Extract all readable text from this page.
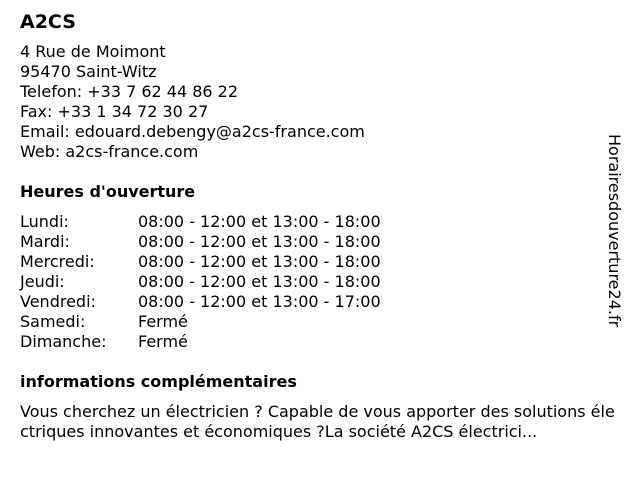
A2CS
4 Rue de Moimont
95470 Saint-Witz
Telefon: +33 7 62 44 86 22
Fax: +33 1 34 72 30 27
Email: edouard.debengy@a2cs-france.com
Web: a2cs-france.com
Heures d'ouverture
Lundi:	08:00 - 12:00 et 13:00 - 18:00
Mardi:	08:00 - 12:00 et 13:00 - 18:00
Mercredi:	08:00 - 12:00 et 13:00 - 18:00
Jeudi:	08:00 - 12:00 et 13:00 - 18:00
Vendredi:	08:00 - 12:00 et 13:00 - 17:00
Samedi:	Fermé
Dimanche:	Fermé
informations complémentaires
Vous cherchez un électricien ? Capable de vous apporter des solutions électriques innovantes et économiques ?La société A2CS électrici...
Horairesdouverture24.fr
